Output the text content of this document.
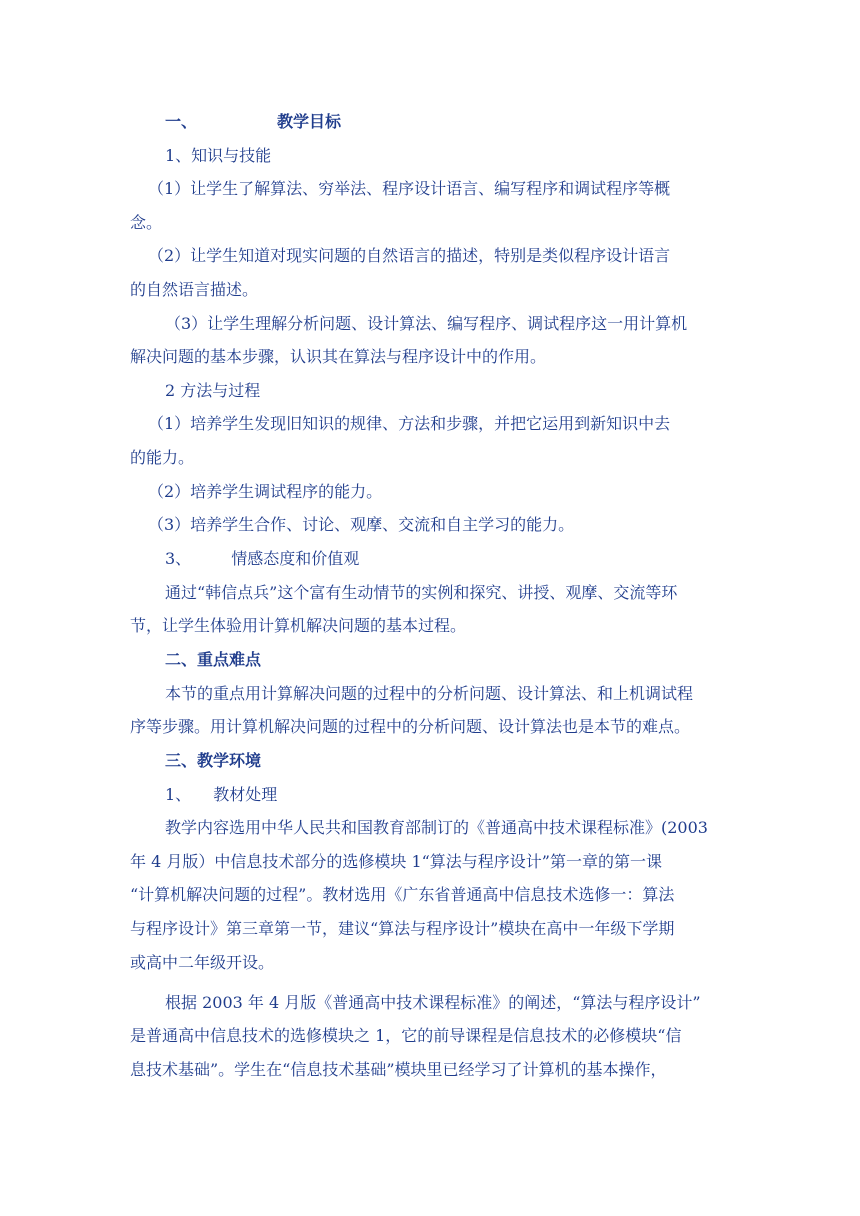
一、	教学目标
1、知识与技能
（1）让学生了解算法、穷举法、程序设计语言、编写程序和调试程序等概
念。
（2）让学生知道对现实问题的自然语言的描述，特别是类似程序设计语言
的自然语言描述。
（3）让学生理解分析问题、设计算法、编写程序、调试程序这一用计算机
解决问题的基本步骤，认识其在算法与程序设计中的作用。
2 方法与过程
（1）培养学生发现旧知识的规律、方法和步骤，并把它运用到新知识中去
的能力。
（2）培养学生调试程序的能力。
（3）培养学生合作、讨论、观摩、交流和自主学习的能力。
3、	情感态度和价值观
通过“韩信点兵”这个富有生动情节的实例和探究、讲授、观摩、交流等环
节，让学生体验用计算机解决问题的基本过程。
二、重点难点
本节的重点用计算解决问题的过程中的分析问题、设计算法、和上机调试程
序等步骤。用计算机解决问题的过程中的分析问题、设计算法也是本节的难点。
三、教学环境
1、 教材处理
教学内容选用中华人民共和国教育部制订的《普通高中技术课程标准》(2003
年 4 月版）中信息技术部分的选修模块 1“算法与程序设计”第一章的第一课
“计算机解决问题的过程”。教材选用《广东省普通高中信息技术选修一：算法
与程序设计》第三章第一节，建议“算法与程序设计”模块在高中一年级下学期
或高中二年级开设。
根据 2003 年 4 月版《普通高中技术课程标准》的阐述，“算法与程序设计”
是普通高中信息技术的选修模块之 1，它的前导课程是信息技术的必修模块“信
息技术基础”。学生在“信息技术基础”模块里已经学习了计算机的基本操作，
